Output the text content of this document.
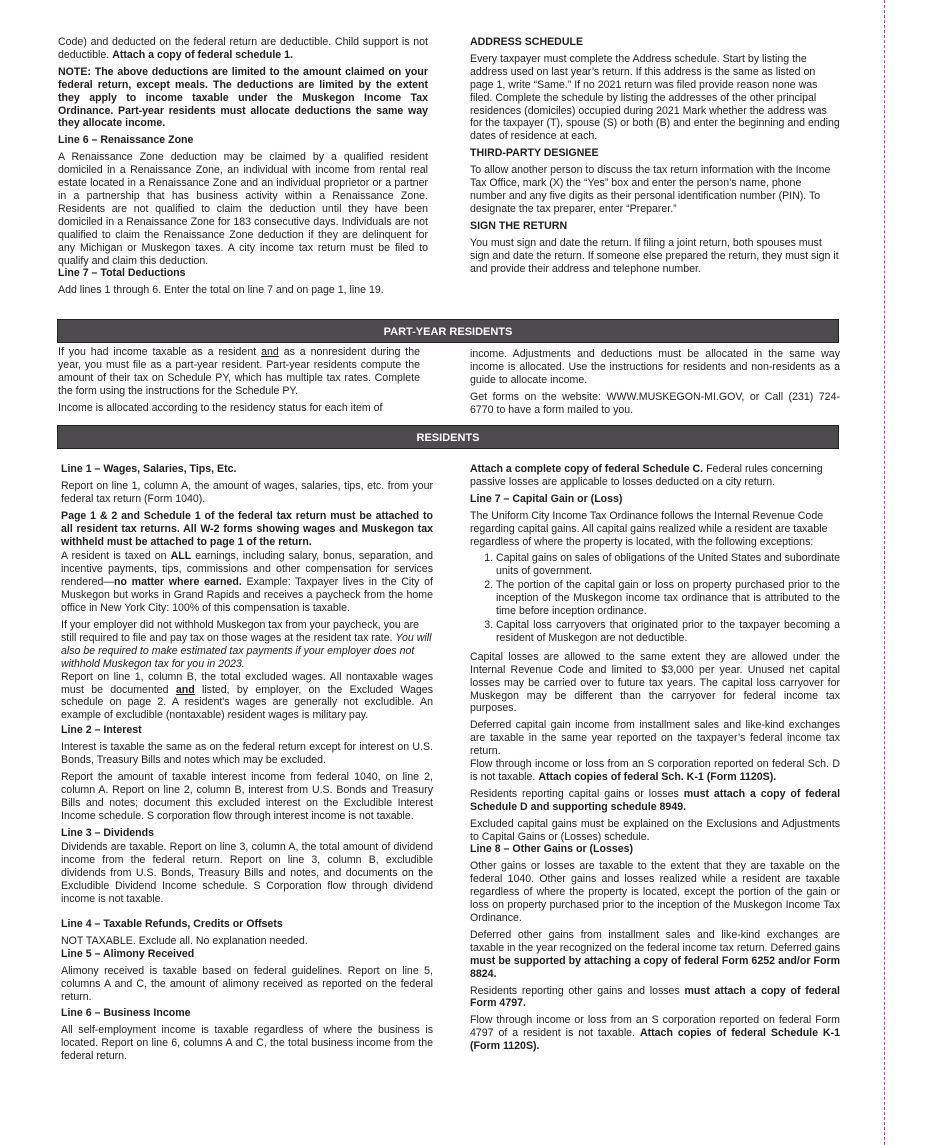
Code) and deducted on the federal return are deductible. Child support is not deductible. Attach a copy of federal schedule 1.

NOTE: The above deductions are limited to the amount claimed on your federal return, except meals. The deductions are limited by the extent they apply to income taxable under the Muskegon Income Tax Ordinance. Part-year residents must allocate deductions the same way they allocate income.

Line 6 – Renaissance Zone

A Renaissance Zone deduction may be claimed by a qualified resident domiciled in a Renaissance Zone, an individual with income from rental real estate located in a Renaissance Zone and an individual proprietor or a partner in a partnership that has business activity within a Renaissance Zone. Residents are not qualified to claim the deduction until they have been domiciled in a Renaissance Zone for 183 consecutive days. Individuals are not qualified to claim the Renaissance Zone deduction if they are delinquent for any Michigan or Muskegon taxes. A city income tax return must be filed to qualify and claim this deduction.

Line 7 – Total Deductions

Add lines 1 through 6. Enter the total on line 7 and on page 1, line 19.

ADDRESS SCHEDULE

Every taxpayer must complete the Address schedule. Start by listing the address used on last year’s return. If this address is the same as listed on page 1, write “Same.” If no 2021 return was filed provide reason none was filed. Complete the schedule by listing the addresses of the other principal residences (domiciles) occupied during 2021 Mark whether the address was for the taxpayer (T), spouse (S) or both (B) and enter the beginning and ending dates of residence at each.

THIRD-PARTY DESIGNEE

To allow another person to discuss the tax return information with the Income Tax Office, mark (X) the “Yes” box and enter the person’s name, phone number and any five digits as their personal identification number (PIN). To designate the tax preparer, enter “Preparer.”

SIGN THE RETURN

You must sign and date the return. If filing a joint return, both spouses must sign and date the return. If someone else prepared the return, they must sign it and provide their address and telephone number.

PART-YEAR RESIDENTS

If you had income taxable as a resident and as a nonresident during the year, you must file as a part-year resident. Part-year residents compute the amount of their tax on Schedule PY, which has multiple tax rates. Complete the form using the instructions for the Schedule PY.

Income is allocated according to the residency status for each item of

income. Adjustments and deductions must be allocated in the same way income is allocated. Use the instructions for residents and non-residents as a guide to allocate income.

Get forms on the website: WWW.MUSKEGON-MI.GOV, or Call (231) 724-6770 to have a form mailed to you.

RESIDENTS

Line 1 – Wages, Salaries, Tips, Etc.

Report on line 1, column A, the amount of wages, salaries, tips, etc. from your federal tax return (Form 1040).

Page 1 & 2 and Schedule 1 of the federal tax return must be attached to all resident tax returns. All W-2 forms showing wages and Muskegon tax withheld must be attached to page 1 of the return.

A resident is taxed on ALL earnings, including salary, bonus, separation, and incentive payments, tips, commissions and other compensation for services rendered—no matter where earned. Example: Taxpayer lives in the City of Muskegon but works in Grand Rapids and receives a paycheck from the home office in New York City: 100% of this compensation is taxable.

If your employer did not withhold Muskegon tax from your paycheck, you are still required to file and pay tax on those wages at the resident tax rate. You will also be required to make estimated tax payments if your employer does not withhold Muskegon tax for you in 2023.

Report on line 1, column B, the total excluded wages. All nontaxable wages must be documented and listed, by employer, on the Excluded Wages schedule on page 2. A resident's wages are generally not excludible. An example of excludible (nontaxable) resident wages is military pay.

Line 2 – Interest

Interest is taxable the same as on the federal return except for interest on U.S. Bonds, Treasury Bills and notes which may be excluded.

Report the amount of taxable interest income from federal 1040, on line 2, column A. Report on line 2, column B, interest from U.S. Bonds and Treasury Bills and notes; document this excluded interest on the Excludible Interest Income schedule. S corporation flow through interest income is not taxable.

Line 3 – Dividends

Dividends are taxable. Report on line 3, column A, the total amount of dividend income from the federal return. Report on line 3, column B, excludible dividends from U.S. Bonds, Treasury Bills and notes, and documents on the Excludible Dividend Income schedule. S Corporation flow through dividend income is not taxable.

Line 4 – Taxable Refunds, Credits or Offsets

NOT TAXABLE. Exclude all. No explanation needed.

Line 5 – Alimony Received

Alimony received is taxable based on federal guidelines. Report on line 5, columns A and C, the amount of alimony received as reported on the federal return.

Line 6 – Business Income

All self-employment income is taxable regardless of where the business is located. Report on line 6, columns A and C, the total business income from the federal return.

Attach a complete copy of federal Schedule C. Federal rules concerning passive losses are applicable to losses deducted on a city return.

Line 7 – Capital Gain or (Loss)

The Uniform City Income Tax Ordinance follows the Internal Revenue Code regarding capital gains. All capital gains realized while a resident are taxable regardless of where the property is located, with the following exceptions:

1. Capital gains on sales of obligations of the United States and subordinate units of government.
2. The portion of the capital gain or loss on property purchased prior to the inception of the Muskegon income tax ordinance that is attributed to the time before inception ordinance.
3. Capital loss carryovers that originated prior to the taxpayer becoming a resident of Muskegon are not deductible.

Capital losses are allowed to the same extent they are allowed under the Internal Revenue Code and limited to $3,000 per year. Unused net capital losses may be carried over to future tax years. The capital loss carryover for Muskegon may be different than the carryover for federal income tax purposes.

Deferred capital gain income from installment sales and like-kind exchanges are taxable in the same year reported on the taxpayer’s federal income tax return.

Flow through income or loss from an S corporation reported on federal Sch. D is not taxable. Attach copies of federal Sch. K-1 (Form 1120S).

Residents reporting capital gains or losses must attach a copy of federal Schedule D and supporting schedule 8949.

Excluded capital gains must be explained on the Exclusions and Adjustments to Capital Gains or (Losses) schedule.

Line 8 – Other Gains or (Losses)

Other gains or losses are taxable to the extent that they are taxable on the federal 1040. Other gains and losses realized while a resident are taxable regardless of where the property is located, except the portion of the gain or loss on property purchased prior to the inception of the Muskegon Income Tax Ordinance.

Deferred other gains from installment sales and like-kind exchanges are taxable in the year recognized on the federal income tax return. Deferred gains must be supported by attaching a copy of federal Form 6252 and/or Form 8824.

Residents reporting other gains and losses must attach a copy of federal Form 4797.

Flow through income or loss from an S corporation reported on federal Form 4797 of a resident is not taxable. Attach copies of federal Schedule K-1 (Form 1120S).
